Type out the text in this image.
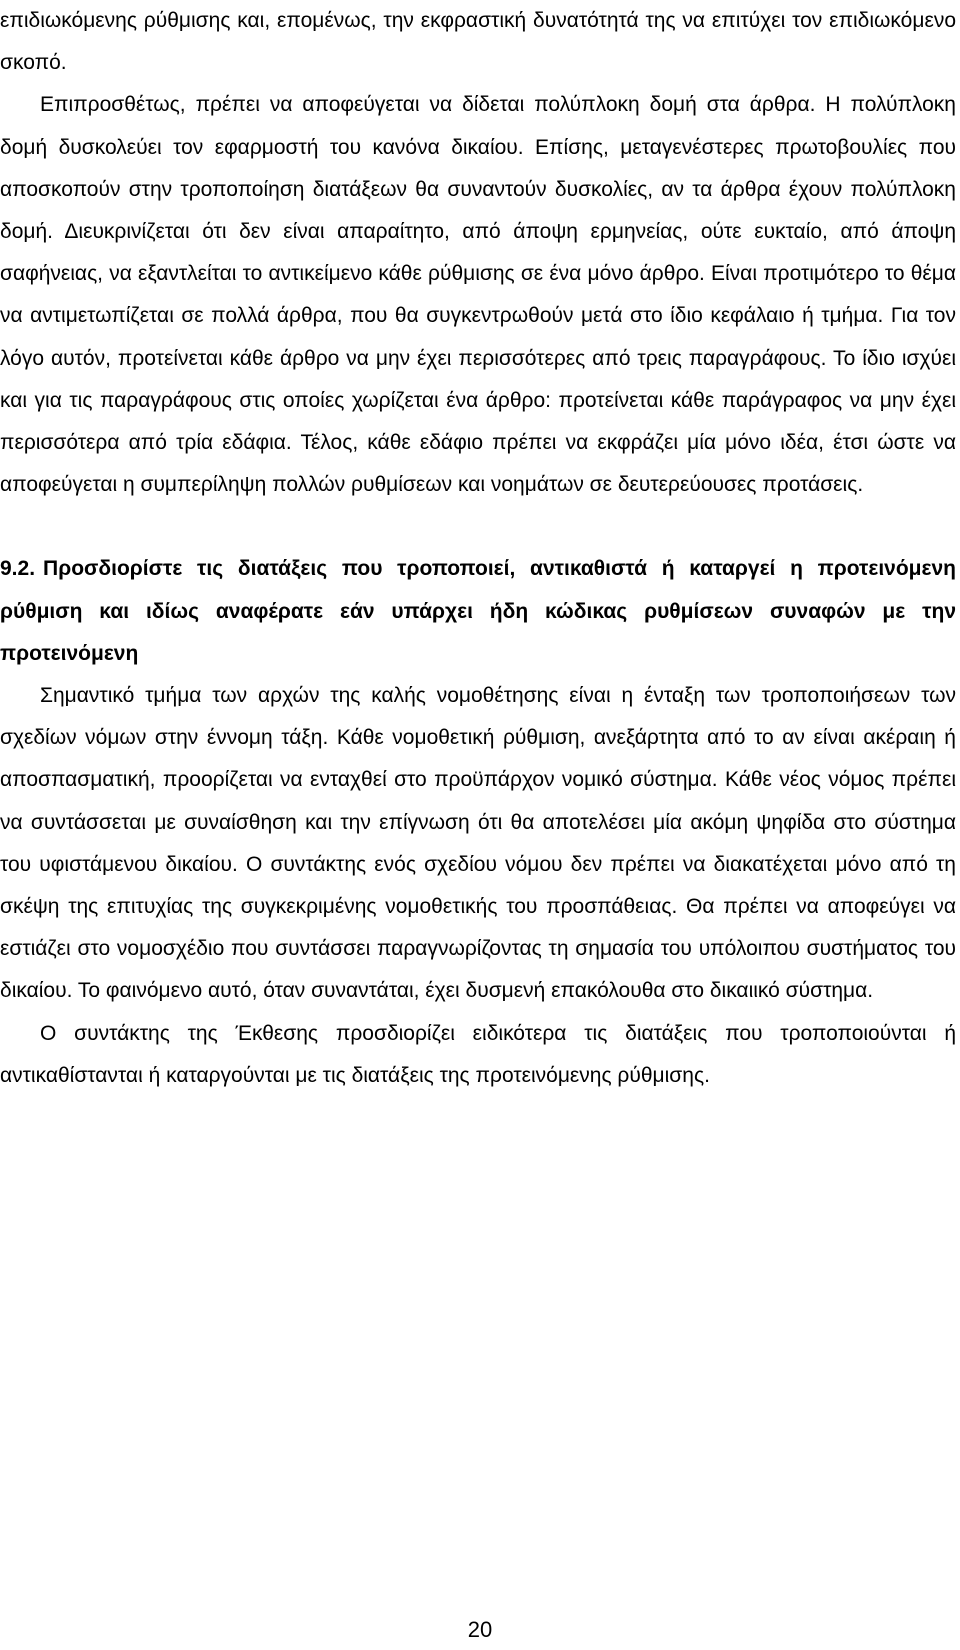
επιδιωκόμενης ρύθμισης και, επομένως, την εκφραστική δυνατότητά της να επιτύχει τον επιδιωκόμενο σκοπό.

Επιπροσθέτως, πρέπει να αποφεύγεται να δίδεται πολύπλοκη δομή στα άρθρα. Η πολύπλοκη δομή δυσκολεύει τον εφαρμοστή του κανόνα δικαίου. Επίσης, μεταγενέστερες πρωτοβουλίες που αποσκοπούν στην τροποποίηση διατάξεων θα συναντούν δυσκολίες, αν τα άρθρα έχουν πολύπλοκη δομή. Διευκρινίζεται ότι δεν είναι απαραίτητο, από άποψη ερμηνείας, ούτε ευκταίο, από άποψη σαφήνειας, να εξαντλείται το αντικείμενο κάθε ρύθμισης σε ένα μόνο άρθρο. Είναι προτιμότερο το θέμα να αντιμετωπίζεται σε πολλά άρθρα, που θα συγκεντρωθούν μετά στο ίδιο κεφάλαιο ή τμήμα. Για τον λόγο αυτόν, προτείνεται κάθε άρθρο να μην έχει περισσότερες από τρεις παραγράφους. Το ίδιο ισχύει και για τις παραγράφους στις οποίες χωρίζεται ένα άρθρο: προτείνεται κάθε παράγραφος να μην έχει περισσότερα από τρία εδάφια. Τέλος, κάθε εδάφιο πρέπει να εκφράζει μία μόνο ιδέα, έτσι ώστε να αποφεύγεται η συμπερίληψη πολλών ρυθμίσεων και νοημάτων σε δευτερεύουσες προτάσεις.

9.2. Προσδιορίστε τις διατάξεις που τροποποιεί, αντικαθιστά ή καταργεί η προτεινόμενη ρύθμιση και ιδίως αναφέρατε εάν υπάρχει ήδη κώδικας ρυθμίσεων συναφών με την προτεινόμενη

Σημαντικό τμήμα των αρχών της καλής νομοθέτησης είναι η ένταξη των τροποποιήσεων των σχεδίων νόμων στην έννομη τάξη. Κάθε νομοθετική ρύθμιση, ανεξάρτητα από το αν είναι ακέραιη ή αποσπασματική, προορίζεται να ενταχθεί στο προϋπάρχον νομικό σύστημα. Κάθε νέος νόμος πρέπει να συντάσσεται με συναίσθηση και την επίγνωση ότι θα αποτελέσει μία ακόμη ψηφίδα στο σύστημα του υφιστάμενου δικαίου. Ο συντάκτης ενός σχεδίου νόμου δεν πρέπει να διακατέχεται μόνο από τη σκέψη της επιτυχίας της συγκεκριμένης νομοθετικής του προσπάθειας. Θα πρέπει να αποφεύγει να εστιάζει στο νομοσχέδιο που συντάσσει παραγνωρίζοντας τη σημασία του υπόλοιπου συστήματος του δικαίου. Το φαινόμενο αυτό, όταν συναντάται, έχει δυσμενή επακόλουθα στο δικαιικό σύστημα.

Ο συντάκτης της Έκθεσης προσδιορίζει ειδικότερα τις διατάξεις που τροποποιούνται ή αντικαθίστανται ή καταργούνται με τις διατάξεις της προτεινόμενης ρύθμισης.

20
